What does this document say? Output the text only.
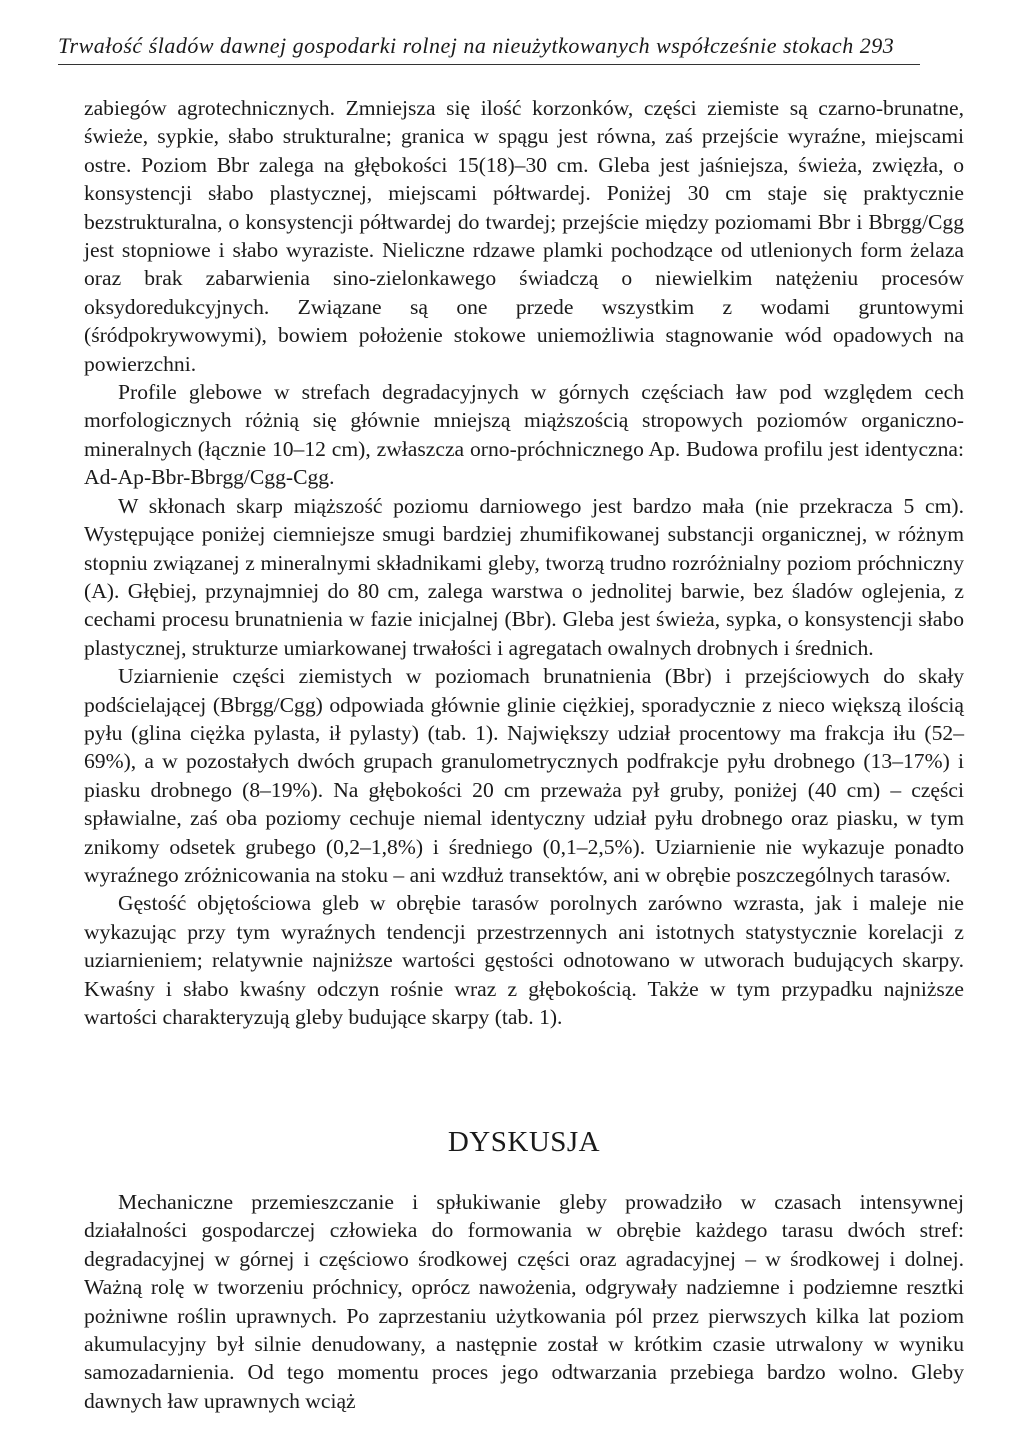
Trwałość śladów dawnej gospodarki rolnej na nieużytkowanych współcześnie stokach 293

zabiegów agrotechnicznych. Zmniejsza się ilość korzonków, części ziemiste są czarno-brunatne, świeże, sypkie, słabo strukturalne; granica w spągu jest równa, zaś przejście wyraźne, miejscami ostre. Poziom Bbr zalega na głębokości 15(18)–30 cm. Gleba jest jaśniejsza, świeża, zwięzła, o konsystencji słabo plastycznej, miejscami półtwardej. Poniżej 30 cm staje się praktycznie bezstrukturalna, o konsystencji półtwardej do twardej; przejście między poziomami Bbr i Bbrgg/Cgg jest stopniowe i słabo wyraziste. Nieliczne rdzawe plamki pochodzące od utlenionych form żelaza oraz brak zabarwienia sino-zielonkawego świadczą o niewielkim natężeniu procesów oksydoredukcyjnych. Związane są one przede wszystkim z wodami gruntowymi (śródpokrywowymi), bowiem położenie stokowe uniemożliwia stagnowanie wód opadowych na powierzchni.

Profile glebowe w strefach degradacyjnych w górnych częściach ław pod względem cech morfologicznych różnią się głównie mniejszą miąższością stropowych poziomów organiczno-mineralnych (łącznie 10–12 cm), zwłaszcza orno-próchnicznego Ap. Budowa profilu jest identyczna: Ad-Ap-Bbr-Bbrgg/Cgg-Cgg.

W skłonach skarp miąższość poziomu darniowego jest bardzo mała (nie przekracza 5 cm). Występujące poniżej ciemniejsze smugi bardziej zhumifikowanej substancji organicznej, w różnym stopniu związanej z mineralnymi składnikami gleby, tworzą trudno rozróżnialny poziom próchniczny (A). Głębiej, przynajmniej do 80 cm, zalega warstwa o jednolitej barwie, bez śladów oglejenia, z cechami procesu brunatnienia w fazie inicjalnej (Bbr). Gleba jest świeża, sypka, o konsystencji słabo plastycznej, strukturze umiarkowanej trwałości i agregatach owalnych drobnych i średnich.

Uziarnienie części ziemistych w poziomach brunatnienia (Bbr) i przejściowych do skały podścielającej (Bbrgg/Cgg) odpowiada głównie glinie ciężkiej, sporadycznie z nieco większą ilością pyłu (glina ciężka pylasta, ił pylasty) (tab. 1). Największy udział procentowy ma frakcja iłu (52–69%), a w pozostałych dwóch grupach granulometrycznych podfrakcje pyłu drobnego (13–17%) i piasku drobnego (8–19%). Na głębokości 20 cm przeważa pył gruby, poniżej (40 cm) – części spławialne, zaś oba poziomy cechuje niemal identyczny udział pyłu drobnego oraz piasku, w tym znikomy odsetek grubego (0,2–1,8%) i średniego (0,1–2,5%). Uziarnienie nie wykazuje ponadto wyraźnego zróżnicowania na stoku – ani wzdłuż transektów, ani w obrębie poszczególnych tarasów.

Gęstość objętościowa gleb w obrębie tarasów porolnych zarówno wzrasta, jak i maleje nie wykazując przy tym wyraźnych tendencji przestrzennych ani istotnych statystycznie korelacji z uziarnieniem; relatywnie najniższe wartości gęstości odnotowano w utworach budujących skarpy. Kwaśny i słabo kwaśny odczyn rośnie wraz z głębokością. Także w tym przypadku najniższe wartości charakteryzują gleby budujące skarpy (tab. 1).

DYSKUSJA

Mechaniczne przemieszczanie i spłukiwanie gleby prowadziło w czasach intensywnej działalności gospodarczej człowieka do formowania w obrębie każdego tarasu dwóch stref: degradacyjnej w górnej i częściowo środkowej części oraz agradacyjnej – w środkowej i dolnej. Ważną rolę w tworzeniu próchnicy, oprócz nawożenia, odgrywały nadziemne i podziemne resztki pożniwne roślin uprawnych. Po zaprzestaniu użytkowania pól przez pierwszych kilka lat poziom akumulacyjny był silnie denudowany, a następnie został w krótkim czasie utrwalony w wyniku samozadarnienia. Od tego momentu proces jego odtwarzania przebiega bardzo wolno. Gleby dawnych ław uprawnych wciąż
